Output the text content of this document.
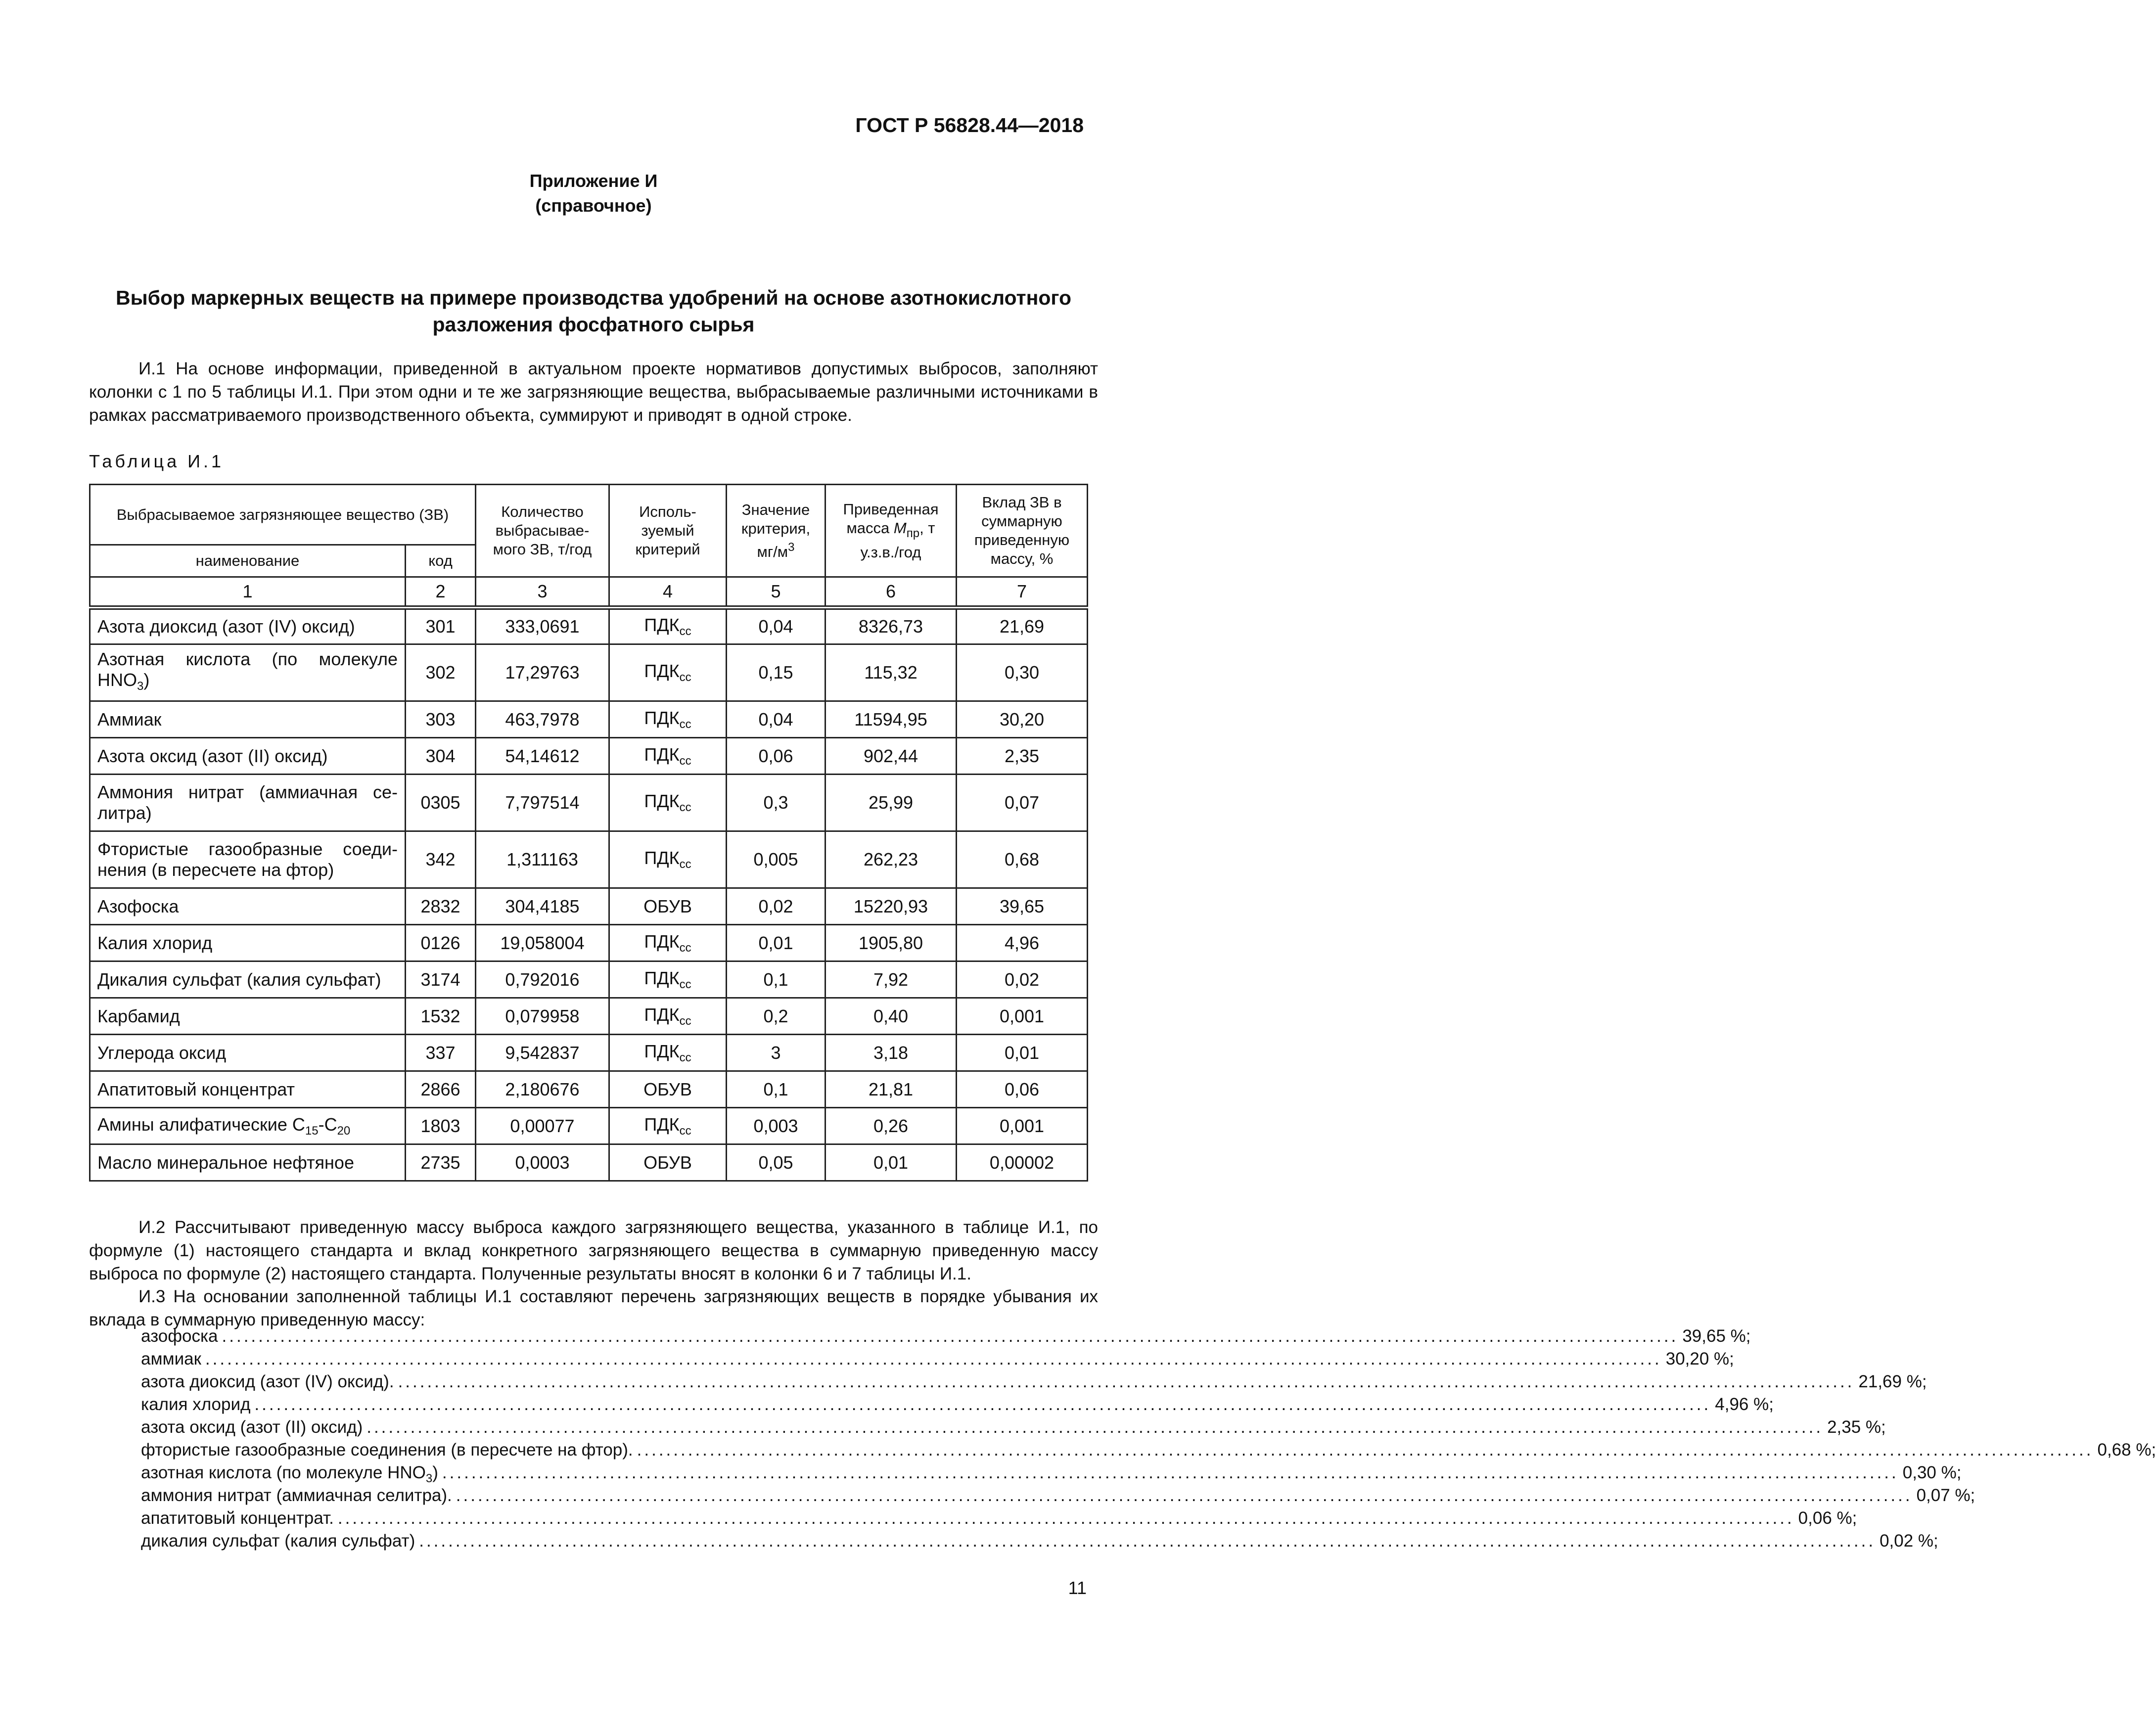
ГОСТ Р 56828.44—2018
Приложение И
(справочное)
Выбор маркерных веществ на примере производства удобрений на основе азотнокислотного разложения фосфатного сырья
И.1 На основе информации, приведенной в актуальном проекте нормативов допустимых выбросов, заполняют колонки с 1 по 5 таблицы И.1. При этом одни и те же загрязняющие вещества, выбрасываемые различными источниками в рамках рассматриваемого производственного объекта, суммируют и приводят в одной строке.
Таблица И.1
Выбрасываемое загрязняющее вещество (ЗВ)		Количество выбрасывае-мого ЗВ, т/год	Исполь-зуемый критерий	Значение критерия, $мг/м^3$	Приведенная масса $М_{пр}$, т у.з.в./год	Вклад ЗВ в суммарную приведенную массу, %
наименование	код					
1	2	3	4	5	6	7
Азота диоксид (азот (IV) оксид)	301	333,0691	$ПДК_{сс}$	0,04	8326,73	21,69
Азотная кислота (по молекуле $HNO_3$)	302	17,29763	$ПДК_{сс}$	0,15	115,32	0,30
Аммиак	303	463,7978	$ПДК_{сс}$	0,04	11594,95	30,20
Азота оксид (азот (II) оксид)	304	54,14612	$ПДК_{сс}$	0,06	902,44	2,35
Аммония нитрат (аммиачная се-литра)	0305	7,797514	$ПДК_{сс}$	0,3	25,99	0,07
Фтористые газообразные соеди-нения (в пересчете на фтор)	342	1,311163	$ПДК_{сс}$	0,005	262,23	0,68
Азофоска	2832	304,4185	ОБУВ	0,02	15220,93	39,65
Калия хлорид	0126	19,058004	$ПДК_{сс}$	0,01	1905,80	4,96
Дикалия сульфат (калия сульфат)	3174	0,792016	$ПДК_{сс}$	0,1	7,92	0,02
Карбамид	1532	0,079958	$ПДК_{сс}$	0,2	0,40	0,001
Углерода оксид	337	9,542837	$ПДК_{сс}$	3	3,18	0,01
Апатитовый концентрат	2866	2,180676	ОБУВ	0,1	21,81	0,06
Амины алифатические $С_{15}-С_{20}$	1803	0,00077	$ПДК_{сс}$	0,003	0,26	0,001
Масло минеральное нефтяное	2735	0,0003	ОБУВ	0,05	0,01	0,00002
И.2 Рассчитывают приведенную массу выброса каждого загрязняющего вещества, указанного в таблице И.1, по формуле (1) настоящего стандарта и вклад конкретного загрязняющего вещества в суммарную приведенную массу выброса по формуле (2) настоящего стандарта. Полученные результаты вносят в колонки 6 и 7 таблицы И.1.
И.3 На основании заполненной таблицы И.1 составляют перечень загрязняющих веществ в порядке убывания их вклада в суммарную приведенную массу:
азофоска ........................................................................................................................................................................................................ 39,65 %;
аммиак ........................................................................................................................................................................................................ 30,20 %;
азота диоксид (азот (IV) оксид). ........................................................................................................................................................................................................ 21,69 %;
калия хлорид ........................................................................................................................................................................................................ 4,96 %;
азота оксид (азот (II) оксид) ........................................................................................................................................................................................................ 2,35 %;
фтористые газообразные соединения (в пересчете на фтор). ........................................................................................................................................................................................................ 0,68 %;
азотная кислота (по молекуле $HNO_3$) ........................................................................................................................................................................................................ 0,30 %;
аммония нитрат (аммиачная селитра). ........................................................................................................................................................................................................ 0,07 %;
апатитовый концентрат. ........................................................................................................................................................................................................ 0,06 %;
дикалия сульфат (калия сульфат) ........................................................................................................................................................................................................ 0,02 %;
11
